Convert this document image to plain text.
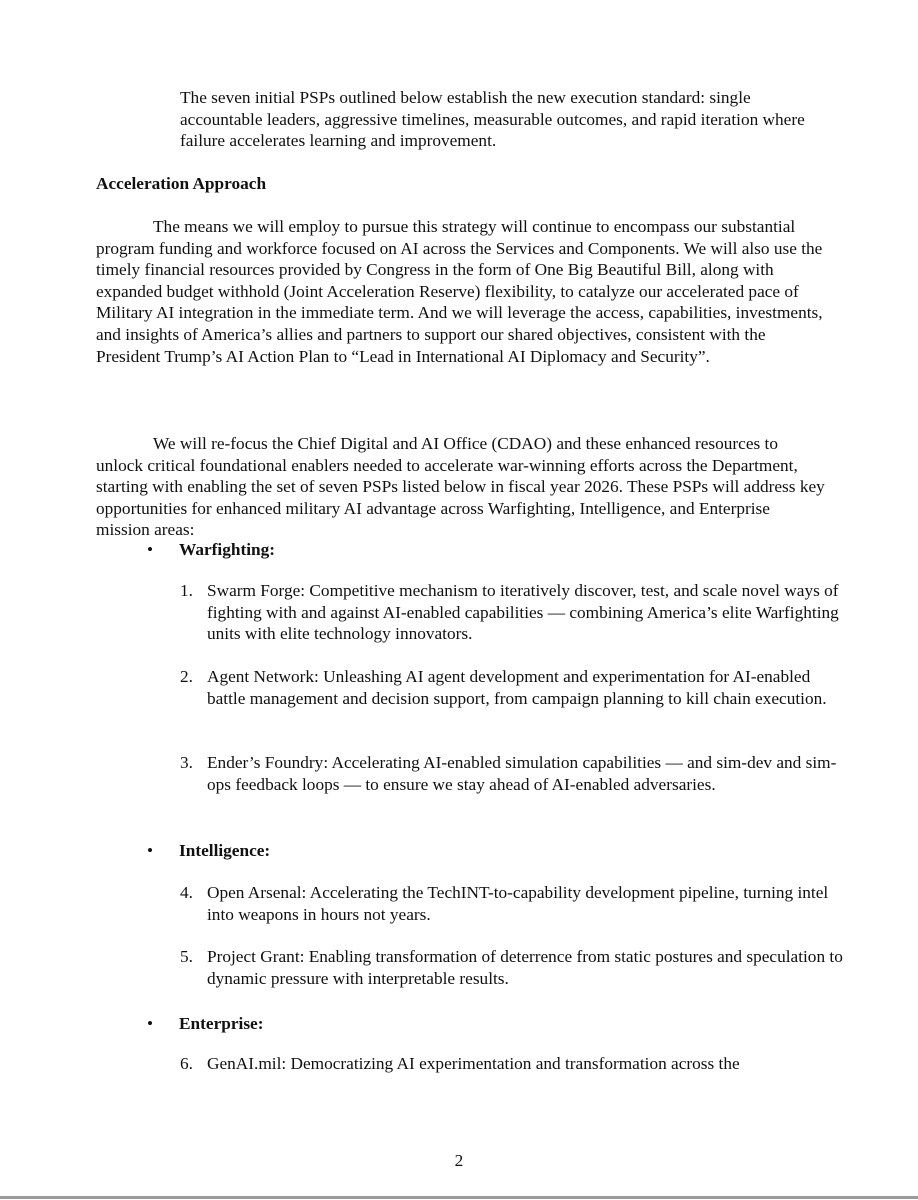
The seven initial PSPs outlined below establish the new execution standard: single accountable leaders, aggressive timelines, measurable outcomes, and rapid iteration where failure accelerates learning and improvement.

Acceleration Approach

The means we will employ to pursue this strategy will continue to encompass our substantial program funding and workforce focused on AI across the Services and Components. We will also use the timely financial resources provided by Congress in the form of One Big Beautiful Bill, along with expanded budget withhold (Joint Acceleration Reserve) flexibility, to catalyze our accelerated pace of Military AI integration in the immediate term. And we will leverage the access, capabilities, investments, and insights of America’s allies and partners to support our shared objectives, consistent with the President Trump’s AI Action Plan to “Lead in International AI Diplomacy and Security”.

We will re-focus the Chief Digital and AI Office (CDAO) and these enhanced resources to unlock critical foundational enablers needed to accelerate war-winning efforts across the Department, starting with enabling the set of seven PSPs listed below in fiscal year 2026. These PSPs will address key opportunities for enhanced military AI advantage across Warfighting, Intelligence, and Enterprise mission areas:

• Warfighting:

1. Swarm Forge: Competitive mechanism to iteratively discover, test, and scale novel ways of fighting with and against AI-enabled capabilities — combining America’s elite Warfighting units with elite technology innovators.

2. Agent Network: Unleashing AI agent development and experimentation for AI-enabled battle management and decision support, from campaign planning to kill chain execution.

3. Ender’s Foundry: Accelerating AI-enabled simulation capabilities — and sim-dev and sim-ops feedback loops — to ensure we stay ahead of AI-enabled adversaries.

• Intelligence:

4. Open Arsenal: Accelerating the TechINT-to-capability development pipeline, turning intel into weapons in hours not years.

5. Project Grant: Enabling transformation of deterrence from static postures and speculation to dynamic pressure with interpretable results.

• Enterprise:

6. GenAI.mil: Democratizing AI experimentation and transformation across the

2
